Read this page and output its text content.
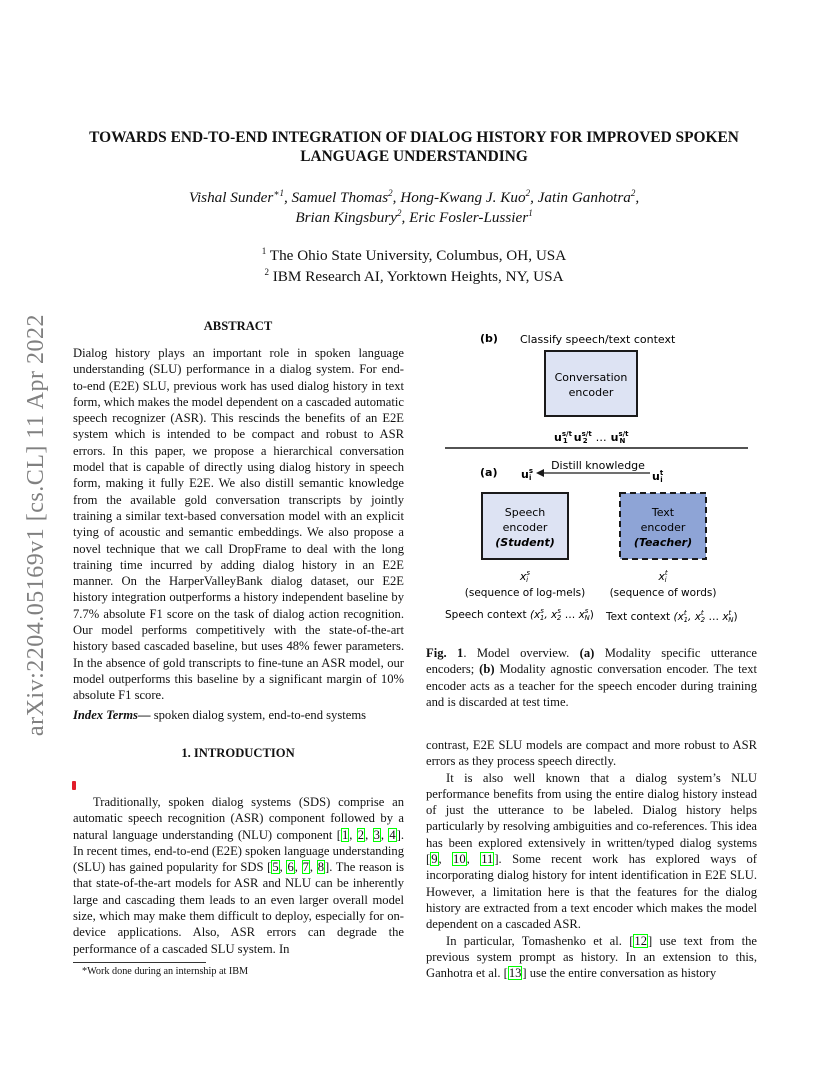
arXiv:2204.05169v1 [cs.CL] 11 Apr 2022
TOWARDS END-TO-END INTEGRATION OF DIALOG HISTORY FOR IMPROVED SPOKEN LANGUAGE UNDERSTANDING
Vishal Sunder$^{∗1}$, Samuel Thomas$^2$, Hong-Kwang J. Kuo$^2$, Jatin Ganhotra$^2$,
Brian Kingsbury$^2$, Eric Fosler-Lussier$^1$
$^1$ The Ohio State University, Columbus, OH, USA
$^2$ IBM Research AI, Yorktown Heights, NY, USA
ABSTRACT

Dialog history plays an important role in spoken language understanding (SLU) performance in a dialog system. For end-to-end (E2E) SLU, previous work has used dialog history in text form, which makes the model dependent on a cascaded automatic speech recognizer (ASR). This rescinds the benefits of an E2E system which is intended to be compact and robust to ASR errors. In this paper, we propose a hierarchical conversation model that is capable of directly using dialog history in speech form, making it fully E2E. We also distill semantic knowledge from the available gold conversation transcripts by jointly training a similar text-based conversation model with an explicit tying of acoustic and semantic embeddings. We also propose a novel technique that we call DropFrame to deal with the long training time incurred by adding dialog history in an E2E manner. On the HarperValleyBank dialog dataset, our E2E history integration outperforms a history independent baseline by 7.7% absolute F1 score on the task of dialog action recognition. Our model performs competitively with the state-of-the-art history based cascaded baseline, but uses 48% fewer parameters. In the absence of gold transcripts to fine-tune an ASR model, our model outperforms this baseline by a significant margin of 10% absolute F1 score.

Index Terms— spoken dialog system, end-to-end systems
1. INTRODUCTION

Traditionally, spoken dialog systems (SDS) comprise an automatic speech recognition (ASR) component followed by a natural language understanding (NLU) component [1, 2, 3, 4]. In recent times, end-to-end (E2E) spoken language understanding (SLU) has gained popularity for SDS [5, 6, 7, 8]. The reason is that state-of-the-art models for ASR and NLU can be inherently large and cascading them leads to an even larger overall model size, which may make them difficult to deploy, especially for on-device applications. Also, ASR errors can degrade the performance of a cascaded SLU system. In

*Work done during an internship at IBM
(b) Classify speech/text context
Conversation
encoder
$u^{s/t}$ 1 $u^{s/t}$ 2 … $u^{s/t}$ N
(a) $u^s$ i
Distill knowledge
$u^t$ i
Speech
encoder
(Student)
Text
encoder
(Teacher)
$x^s$ i	$x^t$ i
(sequence of log-mels) (sequence of words)
Speech context ($x^s$ 1, $x^s$ 2 … $x^s$ N) Text context ($x^t$ 1, $x^t$ 2 … $x^t$ N)
Fig. 1. Model overview. (a) Modality specific utterance encoders; (b) Modality agnostic conversation encoder. The text encoder acts as a teacher for the speech encoder during training and is discarded at test time.

contrast, E2E SLU models are compact and more robust to ASR errors as they process speech directly.

It is also well known that a dialog system’s NLU performance benefits from using the entire dialog history instead of just the utterance to be labeled. Dialog history helps particularly by resolving ambiguities and co-references. This idea has been explored extensively in written/typed dialog systems [9, 10, 11]. Some recent work has explored ways of incorporating dialog history for intent identification in E2E SLU. However, a limitation here is that the features for the dialog history are extracted from a text encoder which makes the model dependent on a cascaded ASR.

In particular, Tomashenko et al. [12] use text from the previous system prompt as history. In an extension to this, Ganhotra et al. [13] use the entire conversation as history
